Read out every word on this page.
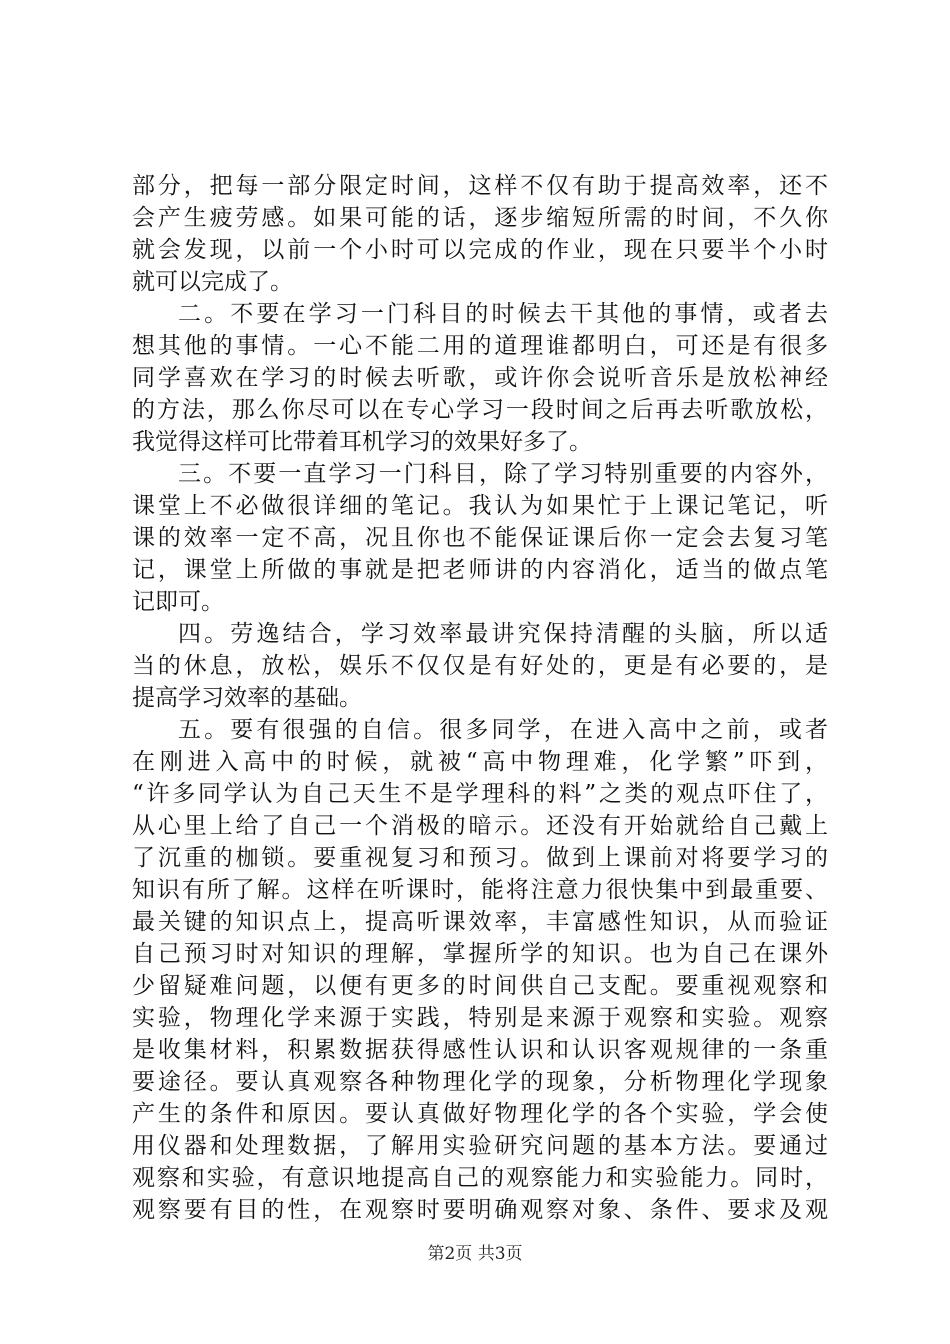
部分，把每一部分限定时间，这样不仅有助于提高效率，还不
会产生疲劳感。如果可能的话，逐步缩短所需的时间，不久你
就会发现，以前一个小时可以完成的作业，现在只要半个小时
就可以完成了。
二。不要在学习一门科目的时候去干其他的事情，或者去
想其他的事情。一心不能二用的道理谁都明白，可还是有很多
同学喜欢在学习的时候去听歌，或许你会说听音乐是放松神经
的方法，那么你尽可以在专心学习一段时间之后再去听歌放松，
我觉得这样可比带着耳机学习的效果好多了。
三。不要一直学习一门科目，除了学习特别重要的内容外，
课堂上不必做很详细的笔记。我认为如果忙于上课记笔记，听
课的效率一定不高，况且你也不能保证课后你一定会去复习笔
记，课堂上所做的事就是把老师讲的内容消化，适当的做点笔
记即可。
四。劳逸结合，学习效率最讲究保持清醒的头脑，所以适
当的休息，放松，娱乐不仅仅是有好处的，更是有必要的，是
提高学习效率的基础。
五。要有很强的自信。很多同学，在进入高中之前，或者
在刚进入高中的时候，就被“高中物理难，化学繁”吓到，
“许多同学认为自己天生不是学理科的料”之类的观点吓住了，
从心里上给了自己一个消极的暗示。还没有开始就给自己戴上
了沉重的枷锁。要重视复习和预习。做到上课前对将要学习的
知识有所了解。这样在听课时，能将注意力很快集中到最重要、
最关键的知识点上，提高听课效率，丰富感性知识，从而验证
自己预习时对知识的理解，掌握所学的知识。也为自己在课外
少留疑难问题，以便有更多的时间供自己支配。要重视观察和
实验，物理化学来源于实践，特别是来源于观察和实验。观察
是收集材料，积累数据获得感性认识和认识客观规律的一条重
要途径。要认真观察各种物理化学的现象，分析物理化学现象
产生的条件和原因。要认真做好物理化学的各个实验，学会使
用仪器和处理数据，了解用实验研究问题的基本方法。要通过
观察和实验，有意识地提高自己的观察能力和实验能力。同时，
观察要有目的性，在观察时要明确观察对象、条件、要求及观
第2页 共3页
